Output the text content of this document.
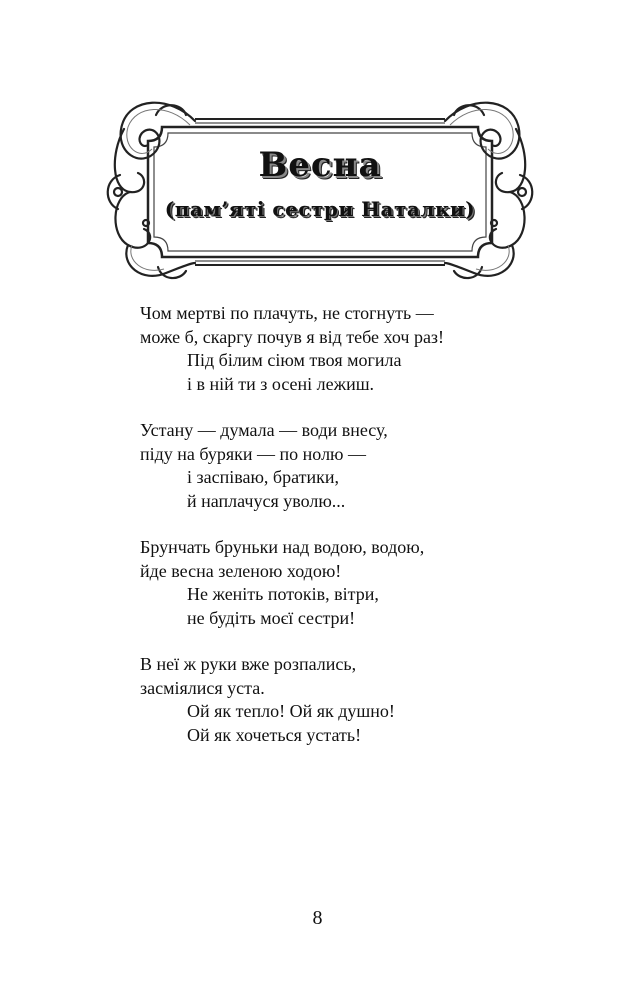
Весна
(пам’яті сестри Наталки)
Чом мертві по плачуть, не стогнуть —
може б, скаргу почув я від тебе хоч раз!
Під білим сіюм твоя могила
і в ній ти з осені лежиш.
Устану — думала — води внесу,
піду на буряки — по нолю —
і заспіваю, братики,
й наплачуся уволю...
Брунчать бруньки над водою, водою,
йде весна зеленою ходою!
Не женіть потоків, вітри,
не будіть моєї сестри!
В неї ж руки вже розпались,
засміялися уста.
Ой як тепло! Ой як душно!
Ой як хочеться устать!
8
